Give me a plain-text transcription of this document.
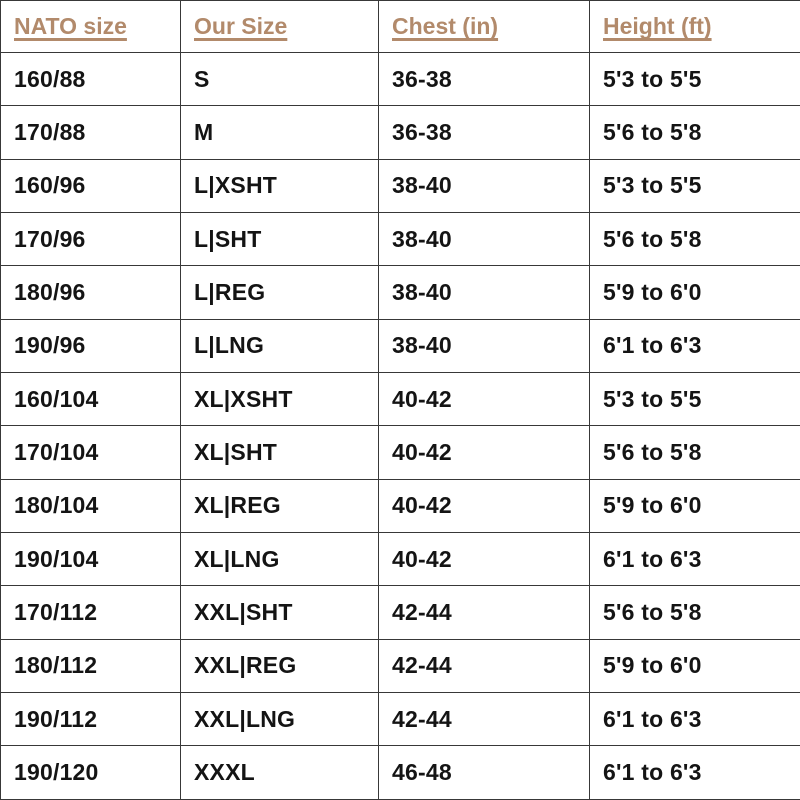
NATO size	Our Size	Chest (in)	Height (ft)
160/88	S	36-38	5'3 to 5'5
170/88	M	36-38	5'6 to 5'8
160/96	L|XSHT	38-40	5'3 to 5'5
170/96	L|SHT	38-40	5'6 to 5'8
180/96	L|REG	38-40	5'9 to 6'0
190/96	L|LNG	38-40	6'1 to 6'3
160/104	XL|XSHT	40-42	5'3 to 5'5
170/104	XL|SHT	40-42	5'6 to 5'8
180/104	XL|REG	40-42	5'9 to 6'0
190/104	XL|LNG	40-42	6'1 to 6'3
170/112	XXL|SHT	42-44	5'6 to 5'8
180/112	XXL|REG	42-44	5'9 to 6'0
190/112	XXL|LNG	42-44	6'1 to 6'3
190/120	XXXL	46-48	6'1 to 6'3
